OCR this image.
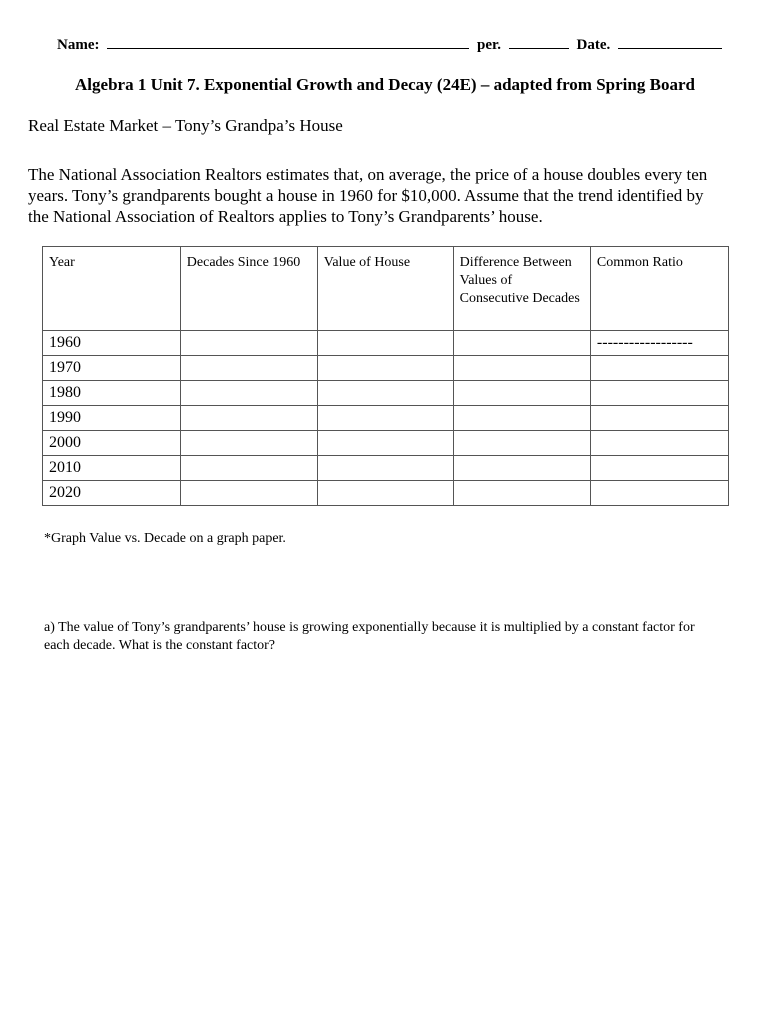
Name:	per.	Date.
Algebra 1 Unit 7. Exponential Growth and Decay (24E) – adapted from Spring Board
Real Estate Market – Tony’s Grandpa’s House
The National Association Realtors estimates that, on average, the price of a house doubles every ten years. Tony’s grandparents bought a house in 1960 for $10,000. Assume that the trend identified by the National Association of Realtors applies to Tony’s Grandparents’ house.
Year	Decades Since 1960	Value of House	Difference Between Values of Consecutive Decades	Common Ratio
1960				------------------
1970				
1980				
1990				
2000				
2010				
2020				
*Graph Value vs. Decade on a graph paper.
a) The value of Tony’s grandparents’ house is growing exponentially because it is multiplied by a constant factor for each decade. What is the constant factor?
